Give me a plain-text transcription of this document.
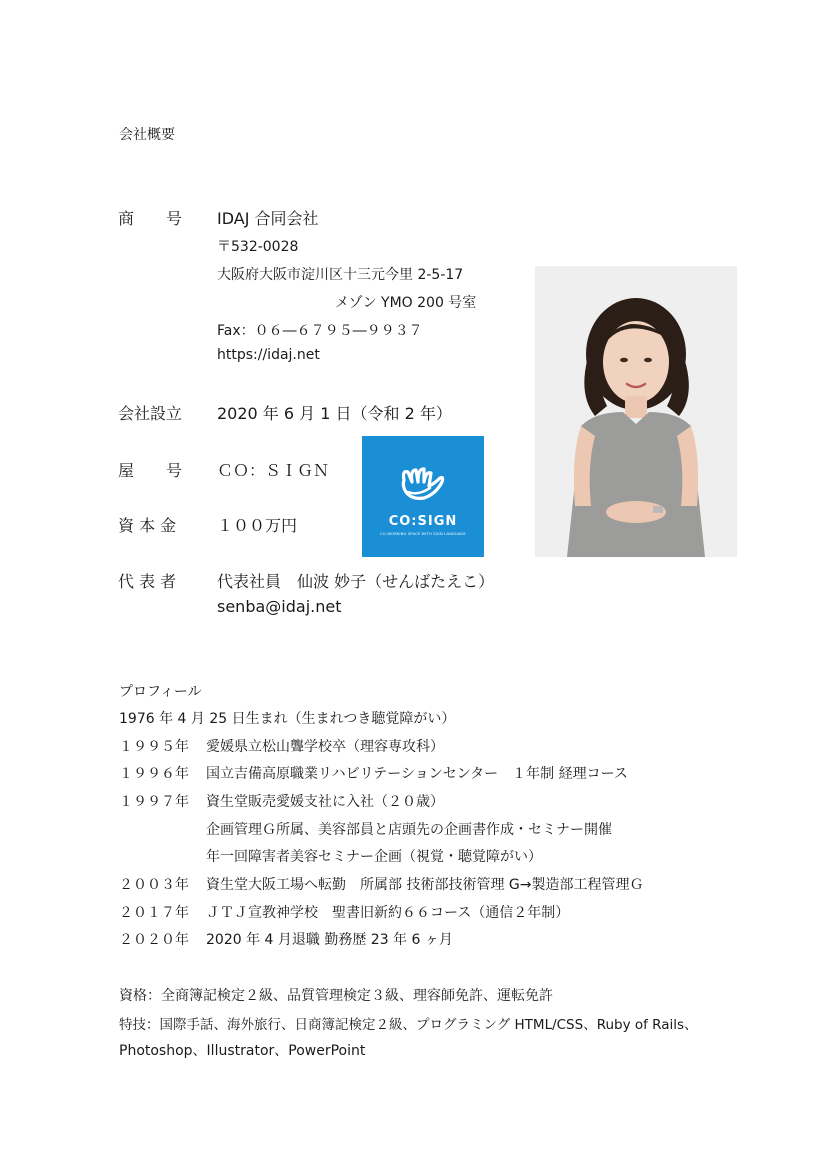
会社概要
商　　号 IDAJ 合同会社
〒532-0028
大阪府大阪市淀川区十三元今里 2-5-17
メゾン YMO 200 号室
Fax：０６―６７９５―９９３７
https://idaj.net
会社設立 2020 年 6 月 1 日（令和 2 年）
屋　　号 ＣＯ：ＳＩＧＮ
資 本 金	１００万円
代 表 者	代表社員　仙波 妙子（せんばたえこ）
senba@idaj.net
CO:SIGN
CO-WORKING SPACE WITH SIGN LANGUAGE
プロフィール
1976 年 4 月 25 日生まれ（生まれつき聴覚障がい）
１９９５年 愛媛県立松山聾学校卒（理容専攻科）
１９９６年 国立吉備高原職業リハビリテーションセンター　１年制 経理コース
１９９７年 資生堂販売愛媛支社に入社（２０歳）
企画管理Ｇ所属、美容部員と店頭先の企画書作成・セミナー開催
年一回障害者美容セミナー企画（視覚・聴覚障がい）
２００３年 資生堂大阪工場へ転勤　所属部 技術部技術管理 G→製造部工程管理Ｇ
２０１７年 ＪＴＪ宣教神学校　聖書旧新約６６コース（通信２年制）
２０２０年 2020 年 4 月退職 勤務歴 23 年 6 ヶ月
資格：全商簿記検定２級、品質管理検定３級、理容師免許、運転免許
特技：国際手話、海外旅行、日商簿記検定２級、プログラミング HTML/CSS、Ruby of Rails、
Photoshop、Illustrator、PowerPoint
